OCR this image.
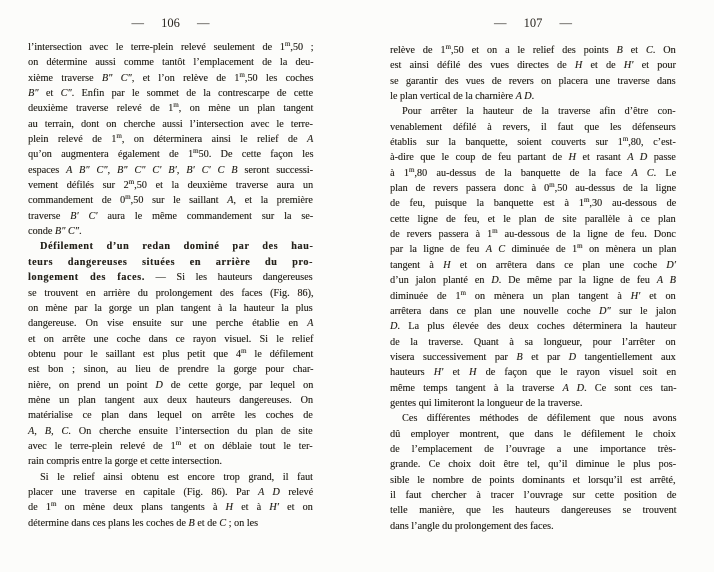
— 106 —

l’intersection avec le terre-plein relevé seulement de 1$^m$,50 ;
on détermine aussi comme tantôt l’emplacement de la deu-
xième traverse B″ C″, et l’on relève de 1$^m$,50 les coches
B″ et C″. Enfin par le sommet de la contrescarpe de cette
deuxième traverse relevé de 1$^m$, on mène un plan tangent
au terrain, dont on cherche aussi l’intersection avec le terre-
plein relevé de 1$^m$, on déterminera ainsi le relief de A
qu’on augmentera également de 1$^m$50. De cette façon les
espaces A B″ C″, B″ C″ C′ B′, B′ C′ C B seront successi-
vement défilés sur 2$^m$,50 et la deuxième traverse aura un
commandement de 0$^m$,50 sur le saillant A, et la première
traverse B′ C′ aura le même commandement sur la se-
conde B″ C″.

Défilement d’un redan dominé par des hau-
teurs dangereuses situées en arrière du pro-
longement des faces. — Si les hauteurs dangereuses
se trouvent en arrière du prolongement des faces (Fig. 86),
on mène par la gorge un plan tangent à la hauteur la plus
dangereuse. On vise ensuite sur une perche établie en A
et on arrête une coche dans ce rayon visuel. Si le relief
obtenu pour le saillant est plus petit que 4$^m$ le défilement
est bon ; sinon, au lieu de prendre la gorge pour char-
nière, on prend un point D de cette gorge, par lequel on
mène un plan tangent aux deux hauteurs dangereuses. On
matérialise ce plan dans lequel on arrête les coches de
A, B, C. On cherche ensuite l’intersection du plan de site
avec le terre-plein relevé de 1$^m$ et on déblaie tout le ter-
rain compris entre la gorge et cette intersection.

Si le relief ainsi obtenu est encore trop grand, il faut
placer une traverse en capitale (Fig. 86). Par A D relevé
de 1$^m$ on mène deux plans tangents à H et à H′ et on
détermine dans ces plans les coches de B et de C ; on les

— 107 —

relève de 1$^m$,50 et on a le relief des points B et C. On
est ainsi défilé des vues directes de H et de H′ et pour
se garantir des vues de revers on placera une traverse dans
le plan vertical de la charnière A D.

Pour arrêter la hauteur de la traverse afin d’être con-
venablement défilé à revers, il faut que les défenseurs
établis sur la banquette, soient couverts sur 1$^m$,80, c’est-
à-dire que le coup de feu partant de H et rasant A D passe
à 1$^m$,80 au-dessus de la banquette de la face A C. Le
plan de revers passera donc à 0$^m$,50 au-dessus de la ligne
de feu, puisque la banquette est à 1$^m$,30 au-dessous de
cette ligne de feu, et le plan de site parallèle à ce plan
de revers passera à 1$^m$ au-dessous de la ligne de feu. Donc
par la ligne de feu A C diminuée de 1$^m$ on mènera un plan
tangent à H et on arrêtera dans ce plan une coche D′
d’un jalon planté en D. De même par la ligne de feu A B
diminuée de 1$^m$ on mènera un plan tangent à H′ et on
arrêtera dans ce plan une nouvelle coche D″ sur le jalon
D. La plus élevée des deux coches déterminera la hauteur
de la traverse. Quant à sa longueur, pour l’arrêter on
visera successivement par B et par D tangentiellement aux
hauteurs H′ et H de façon que le rayon visuel soit en
même temps tangent à la traverse A D. Ce sont ces tan-
gentes qui limiteront la longueur de la traverse.

Ces différentes méthodes de défilement que nous avons
dû employer montrent, que dans le défilement le choix
de l’emplacement de l’ouvrage a une importance très-
grande. Ce choix doit être tel, qu’il diminue le plus pos-
sible le nombre de points dominants et lorsqu’il est arrêté,
il faut chercher à tracer l’ouvrage sur cette position de
telle manière, que les hauteurs dangereuses se trouvent
dans l’angle du prolongement des faces.
